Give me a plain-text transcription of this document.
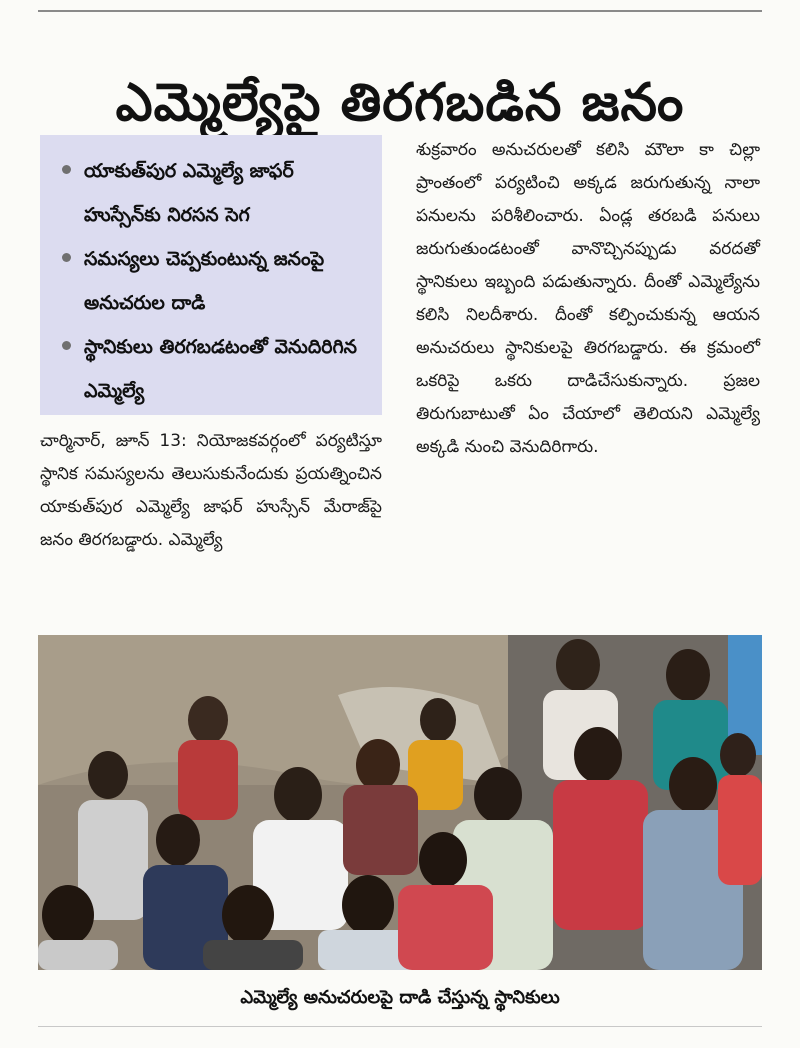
ఎమ్మెల్యేపై తిరగబడిన జనం
యాకుత్‌పుర ఎమ్మెల్యే జాఫర్ హుస్సేన్‌కు నిరసన సెగ
సమస్యలు చెప్పకుంటున్న జనంపై అనుచరుల దాడి
స్థానికులు తిరగబడటంతో వెనుదిరిగిన ఎమ్మెల్యే

చార్మినార్, జూన్ 13: నియోజకవర్గంలో పర్యటిస్తూ స్థానిక సమస్యలను తెలుసుకునేందుకు ప్రయత్నించిన యాకుత్‌పుర ఎమ్మెల్యే జాఫర్ హుస్సేన్ మేరాజ్‌పై జనం తిరగబడ్డారు. ఎమ్మెల్యే

శుక్రవారం అనుచరులతో కలిసి మౌలా కా చిల్లా ప్రాంతంలో పర్యటించి అక్కడ జరుగుతున్న నాలా పనులను పరిశీలించారు. ఏండ్ల తరబడి పనులు జరుగుతుండటంతో వానొచ్చినప్పుడు వరదతో స్థానికులు ఇబ్బంది పడుతున్నారు. దీంతో ఎమ్మెల్యేను కలిసి నిలదీశారు. దీంతో కల్పించుకున్న ఆయన అనుచరులు స్థానికులపై తిరగబడ్డారు. ఈ క్రమంలో ఒకరిపై ఒకరు దాడిచేసుకున్నారు. ప్రజల తిరుగుబాటుతో ఏం చేయాలో తెలియని ఎమ్మెల్యే అక్కడి నుంచి వెనుదిరిగారు.

ఎమ్మెల్యే అనుచరులపై దాడి చేస్తున్న స్థానికులు
